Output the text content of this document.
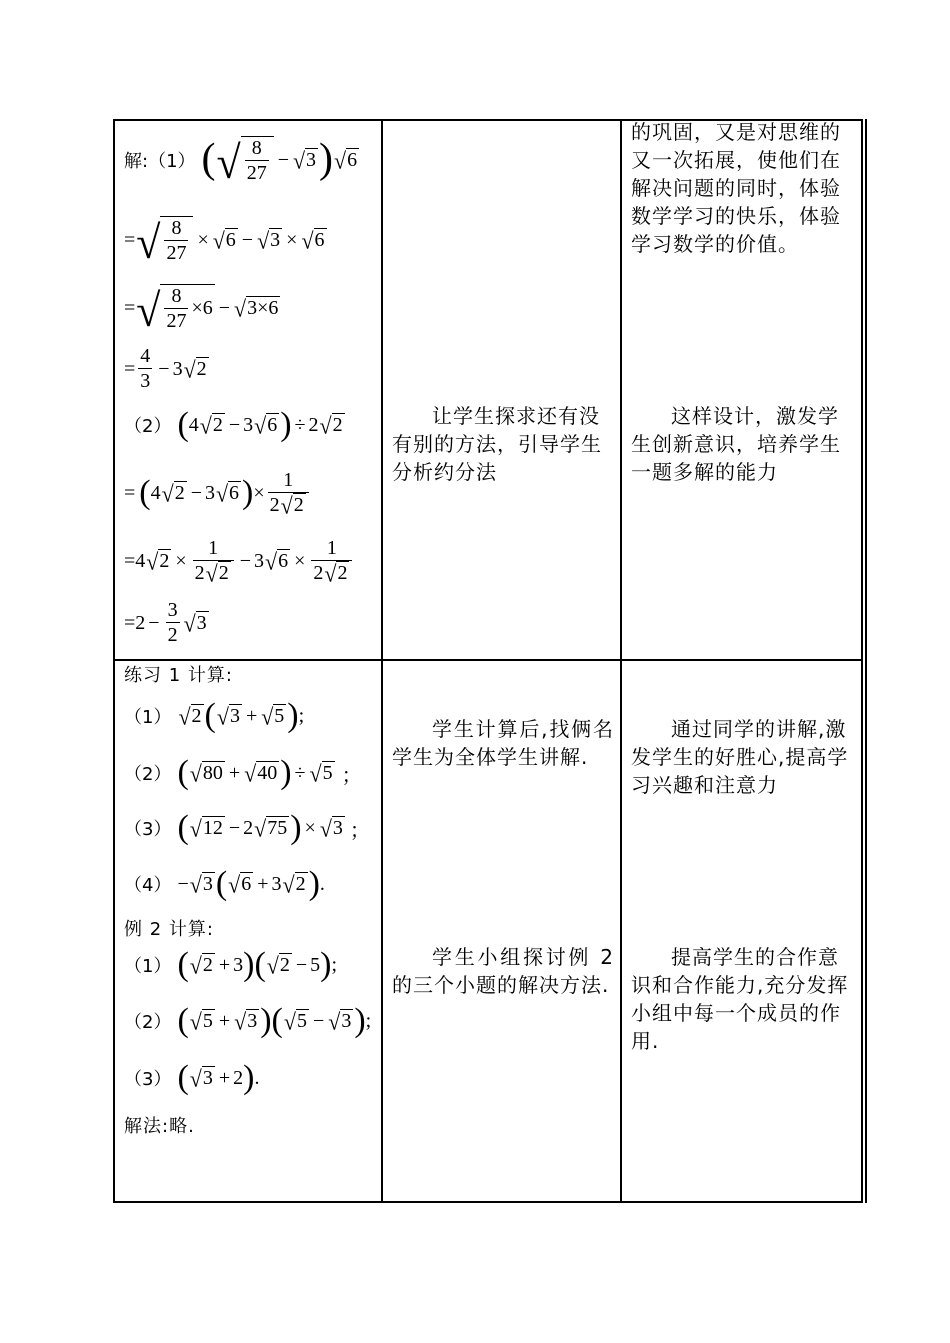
解:（1） ( √ $\frac{8}{27}$ − √ 3 ) √ 6
= √ $\frac{8}{27}$ × √ 6 − √ 3 × √ 6
= √ $\frac{8}{27} \times 6$ − √ 3×6
= $\frac{4}{3} - 3$ √ 2
（2） ( 4 √ 2 − 3 √ 6 ) ÷ 2 √ 2
= ( 4 √ 2 − 3 √ 6 ) × $\frac{1}{2 √ 2}$
= 4 √ $2 \times \frac{1}{2 √ 2} - 3$ √ $6 \times \frac{1}{2 √ 2}$
= $2 - \frac{3}{2}$ √ 3
让学生探求还有没有别的方法，引导学生分析约分法
的巩固，又是对思维的又一次拓展，使他们在解决问题的同时，体验数学学习的快乐，体验学习数学的价值。
这样设计，激发学生创新意识，培养学生一题多解的能力
练习 1 计算:
（1） √ 2 ( √ 3 + √ 5 ) ;
（2） ( √ 80 + √ 40 ) ÷ √ 5 ；
（3） ( √ 12 − 2 √ 75 ) × √ 3 ；
（4） − √ 3 ( √ 6 + 3 √ 2 ) .
例 2 计算:
（1） ( √ 2 + 3 ) ( √ 2 − 5 ) ;
（2） ( √ 5 + √ 3 ) ( √ 5 − √ 3 ) ;
（3） ( √ 3 + 2 ) .
解法:略.
学生计算后,找俩名学生为全体学生讲解.
学生小组探讨例 2 的三个小题的解决方法.
通过同学的讲解,激发学生的好胜心,提高学习兴趣和注意力
提高学生的合作意识和合作能力,充分发挥小组中每一个成员的作用.
